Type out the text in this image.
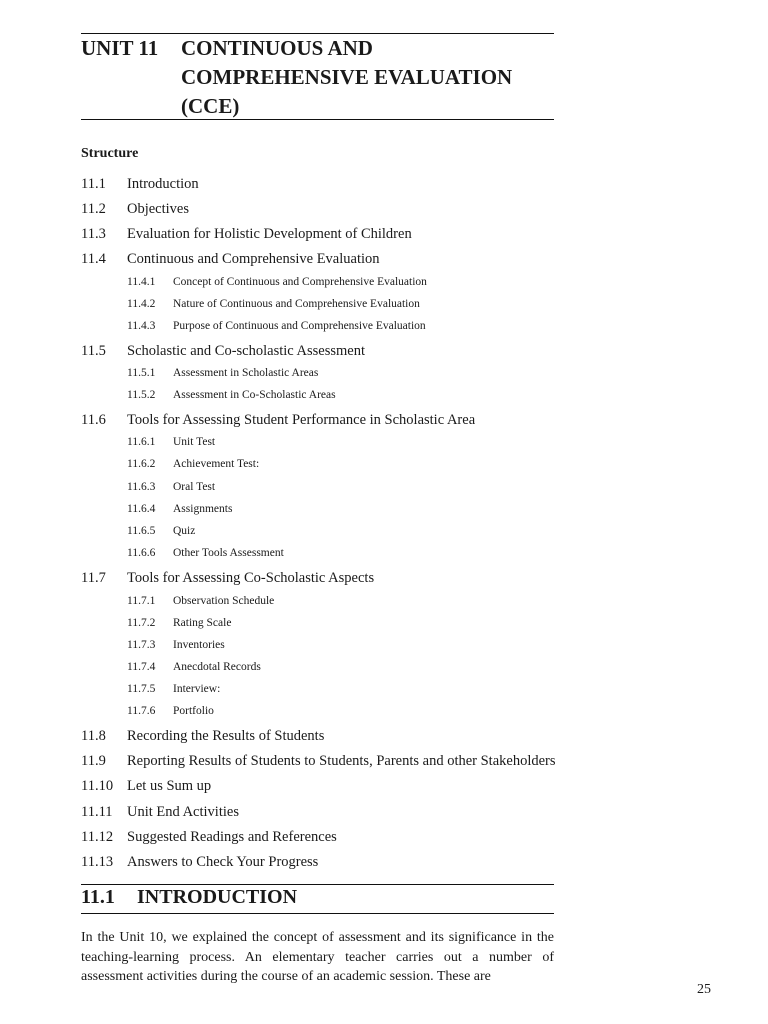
UNIT 11 CONTINUOUS AND COMPREHENSIVE EVALUATION (CCE)
Structure
11.1 Introduction
11.2 Objectives
11.3 Evaluation for Holistic Development of Children
11.4 Continuous and Comprehensive Evaluation
11.4.1 Concept of Continuous and Comprehensive Evaluation
11.4.2 Nature of Continuous and Comprehensive Evaluation
11.4.3 Purpose of Continuous and Comprehensive Evaluation
11.5 Scholastic and Co-scholastic Assessment
11.5.1 Assessment in Scholastic Areas
11.5.2 Assessment in Co-Scholastic Areas
11.6 Tools for Assessing Student Performance in Scholastic Area
11.6.1 Unit Test
11.6.2 Achievement Test:
11.6.3 Oral Test
11.6.4 Assignments
11.6.5 Quiz
11.6.6 Other Tools Assessment
11.7 Tools for Assessing Co-Scholastic Aspects
11.7.1 Observation Schedule
11.7.2 Rating Scale
11.7.3 Inventories
11.7.4 Anecdotal Records
11.7.5 Interview:
11.7.6 Portfolio
11.8 Recording the Results of Students
11.9 Reporting Results of Students to Students, Parents and other Stakeholders
11.10 Let us Sum up
11.11 Unit End Activities
11.12 Suggested Readings and References
11.13 Answers to Check Your Progress
11.1 INTRODUCTION
In the Unit 10, we explained the concept of assessment and its significance in the teaching-learning process. An elementary teacher carries out a number of assessment activities during the course of an academic session. These are
25
